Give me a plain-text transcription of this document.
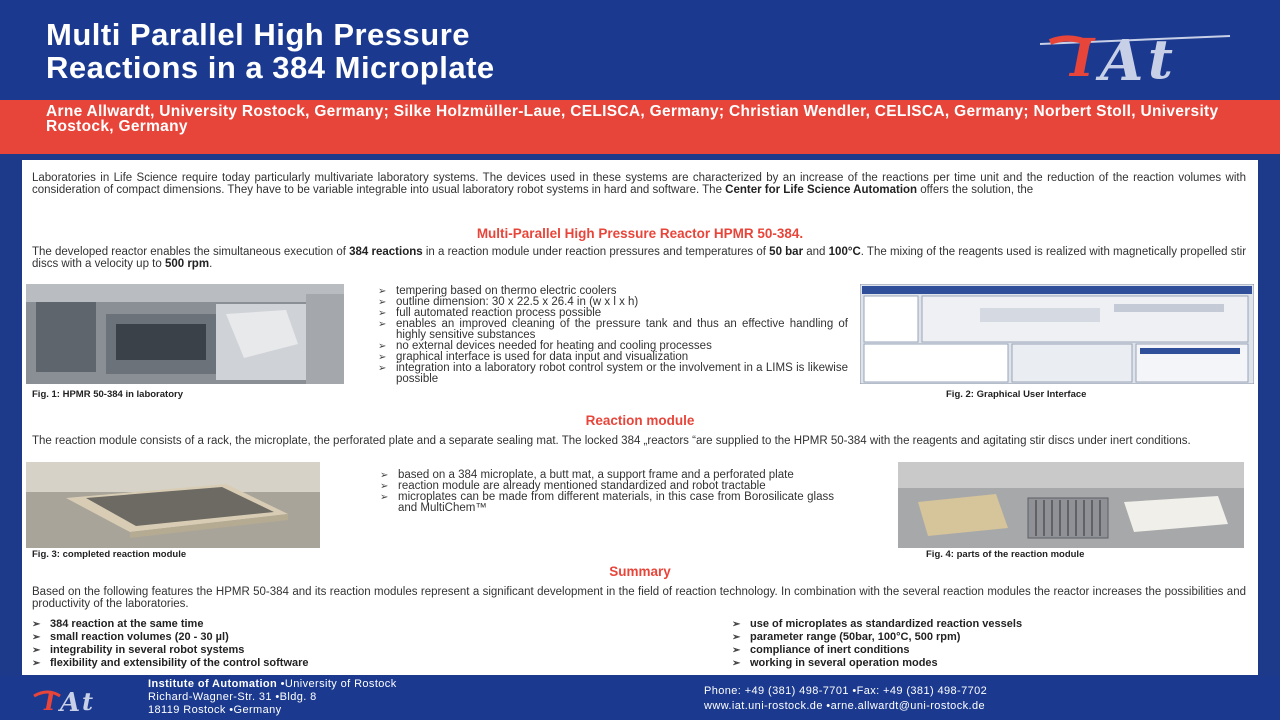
Multi Parallel High Pressure
Reactions in a 384 Microplate	I A t
Arne Allwardt, University Rostock, Germany; Silke Holzmüller-Laue, CELISCA, Germany; Christian Wendler, CELISCA, Germany; Norbert Stoll, University Rostock, Germany

Laboratories in Life Science require today particularly multivariate laboratory systems. The devices used in these systems are characterized by an increase of the reactions per time unit and the reduction of the reaction volumes with consideration of compact dimensions. They have to be variable integrable into usual laboratory robot systems in hard and software. The Center for Life Science Automation offers the solution, the

Multi-Parallel High Pressure Reactor HPMR 50-384.

The developed reactor enables the simultaneous execution of 384 reactions in a reaction module under reaction pressures and temperatures of 50 bar and 100°C. The mixing of the reagents used is realized with magnetically propelled stir discs with a velocity up to 500 rpm.

Fig. 1: HPMR 50-384 in laboratory
➢ tempering based on thermo electric coolers
➢ outline dimension: 30 x 22.5 x 26.4 in (w x l x h)
➢ full automated reaction process possible
➢ enables an improved cleaning of the pressure tank and thus an effective handling of highly sensitive substances
➢ no external devices needed for heating and cooling processes
➢ graphical interface is used for data input and visualization
➢ integration into a laboratory robot control system or the involvement in a LIMS is likewise possible
Fig. 2: Graphical User Interface
Reaction module

The reaction module consists of a rack, the microplate, the perforated plate and a separate sealing mat. The locked 384 „reactors “are supplied to the HPMR 50-384 with the reagents and agitating stir discs under inert conditions.

Fig. 3: completed reaction module
➢ based on a 384 microplate, a butt mat, a support frame and a perforated plate
➢ reaction module are already mentioned standardized and robot tractable
➢ microplates can be made from different materials, in this case from Borosilicate glass and MultiChem™
Fig. 4: parts of the reaction module
Summary

Based on the following features the HPMR 50-384 and its reaction modules represent a significant development in the field of reaction technology. In combination with the several reaction modules the reactor increases the possibilities and productivity of the laboratories.

➢ 384 reaction at the same time
➢ small reaction volumes (20 - 30 µl)
➢ integrability in several robot systems
➢ flexibility and extensibility of the control software
➢ use of microplates as standardized reaction vessels
➢ parameter range (50bar, 100°C, 500 rpm)
➢ compliance of inert conditions
➢ working in several operation modes
I A t
Institute of Automation • University of Rostock
Richard-Wagner-Str. 31 • Bldg. 8
18119 Rostock • Germany
Phone: +49 (381) 498-7701 • Fax: +49 (381) 498-7702
www.iat.uni-rostock.de • arne.allwardt@uni-rostock.de
